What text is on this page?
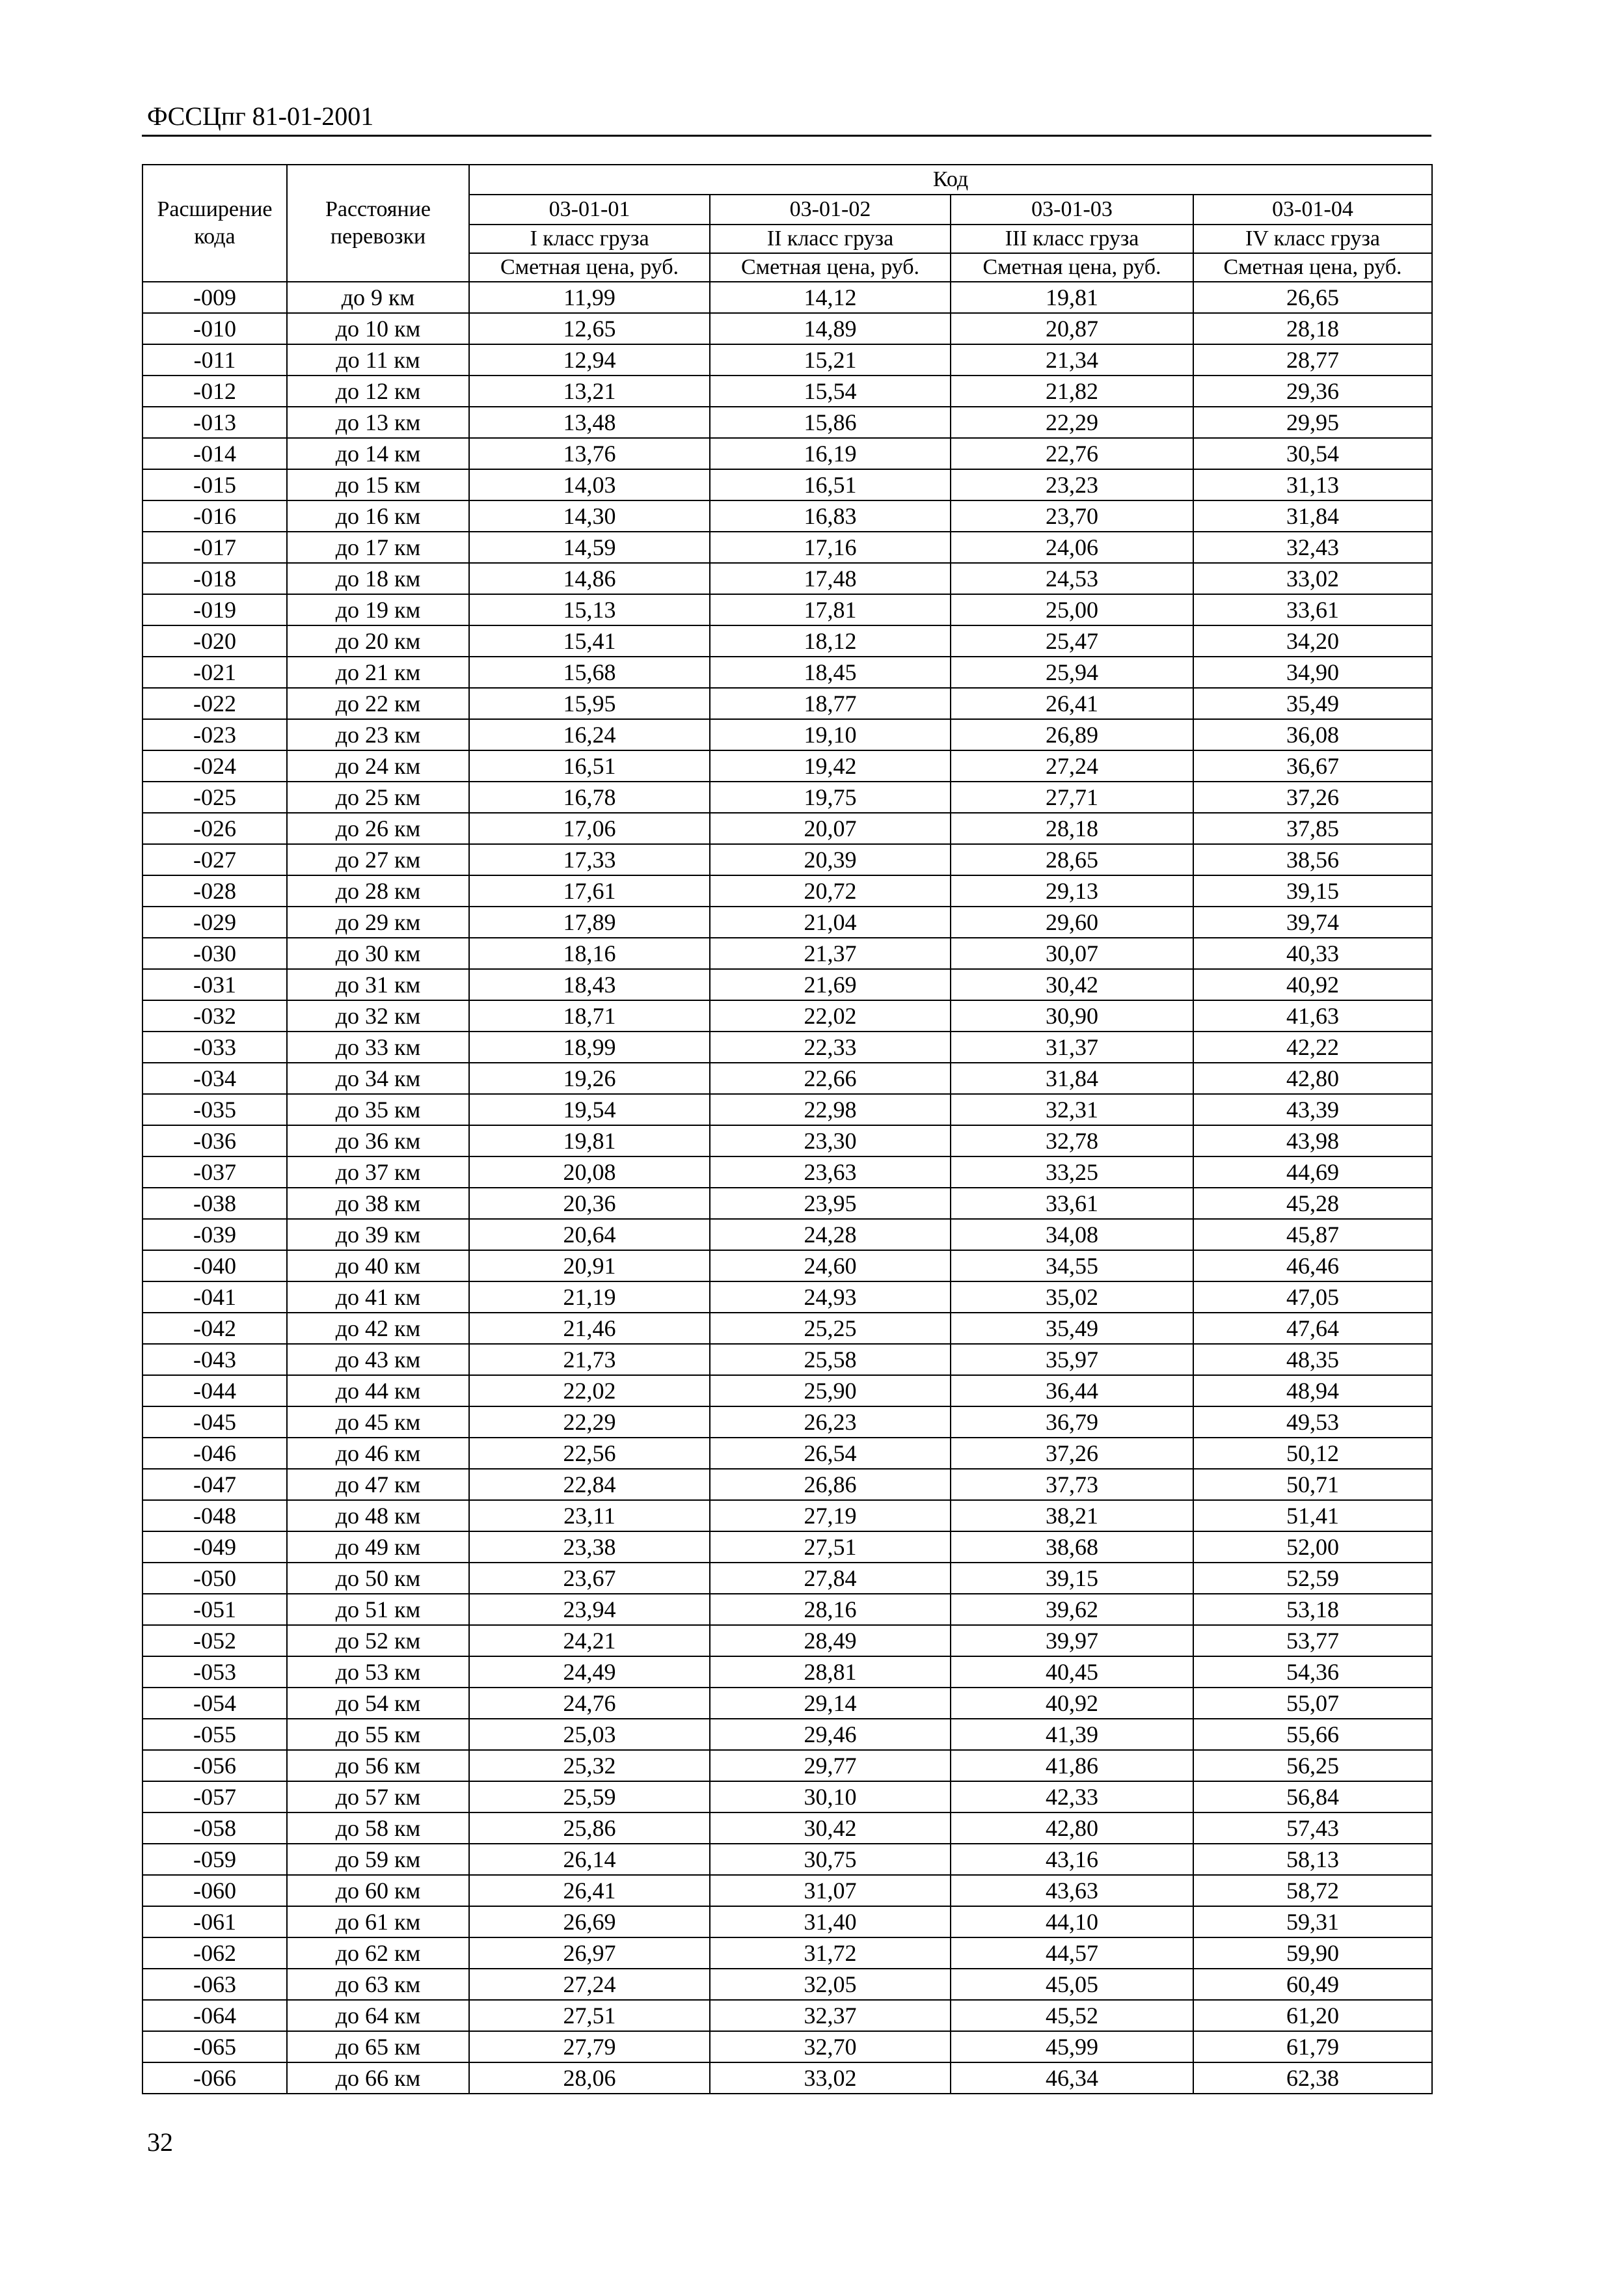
ФССЦпг 81-01-2001
Расширение кода	Расстояние перевозки	Код			
		03-01-01	03-01-02	03-01-03	03-01-04
		I класс груза	II класс груза	III класс груза	IV класс груза
		Сметная цена, руб.	Сметная цена, руб.	Сметная цена, руб.	Сметная цена, руб.
-009	до 9 км	11,99	14,12	19,81	26,65
-010	до 10 км	12,65	14,89	20,87	28,18
-011	до 11 км	12,94	15,21	21,34	28,77
-012	до 12 км	13,21	15,54	21,82	29,36
-013	до 13 км	13,48	15,86	22,29	29,95
-014	до 14 км	13,76	16,19	22,76	30,54
-015	до 15 км	14,03	16,51	23,23	31,13
-016	до 16 км	14,30	16,83	23,70	31,84
-017	до 17 км	14,59	17,16	24,06	32,43
-018	до 18 км	14,86	17,48	24,53	33,02
-019	до 19 км	15,13	17,81	25,00	33,61
-020	до 20 км	15,41	18,12	25,47	34,20
-021	до 21 км	15,68	18,45	25,94	34,90
-022	до 22 км	15,95	18,77	26,41	35,49
-023	до 23 км	16,24	19,10	26,89	36,08
-024	до 24 км	16,51	19,42	27,24	36,67
-025	до 25 км	16,78	19,75	27,71	37,26
-026	до 26 км	17,06	20,07	28,18	37,85
-027	до 27 км	17,33	20,39	28,65	38,56
-028	до 28 км	17,61	20,72	29,13	39,15
-029	до 29 км	17,89	21,04	29,60	39,74
-030	до 30 км	18,16	21,37	30,07	40,33
-031	до 31 км	18,43	21,69	30,42	40,92
-032	до 32 км	18,71	22,02	30,90	41,63
-033	до 33 км	18,99	22,33	31,37	42,22
-034	до 34 км	19,26	22,66	31,84	42,80
-035	до 35 км	19,54	22,98	32,31	43,39
-036	до 36 км	19,81	23,30	32,78	43,98
-037	до 37 км	20,08	23,63	33,25	44,69
-038	до 38 км	20,36	23,95	33,61	45,28
-039	до 39 км	20,64	24,28	34,08	45,87
-040	до 40 км	20,91	24,60	34,55	46,46
-041	до 41 км	21,19	24,93	35,02	47,05
-042	до 42 км	21,46	25,25	35,49	47,64
-043	до 43 км	21,73	25,58	35,97	48,35
-044	до 44 км	22,02	25,90	36,44	48,94
-045	до 45 км	22,29	26,23	36,79	49,53
-046	до 46 км	22,56	26,54	37,26	50,12
-047	до 47 км	22,84	26,86	37,73	50,71
-048	до 48 км	23,11	27,19	38,21	51,41
-049	до 49 км	23,38	27,51	38,68	52,00
-050	до 50 км	23,67	27,84	39,15	52,59
-051	до 51 км	23,94	28,16	39,62	53,18
-052	до 52 км	24,21	28,49	39,97	53,77
-053	до 53 км	24,49	28,81	40,45	54,36
-054	до 54 км	24,76	29,14	40,92	55,07
-055	до 55 км	25,03	29,46	41,39	55,66
-056	до 56 км	25,32	29,77	41,86	56,25
-057	до 57 км	25,59	30,10	42,33	56,84
-058	до 58 км	25,86	30,42	42,80	57,43
-059	до 59 км	26,14	30,75	43,16	58,13
-060	до 60 км	26,41	31,07	43,63	58,72
-061	до 61 км	26,69	31,40	44,10	59,31
-062	до 62 км	26,97	31,72	44,57	59,90
-063	до 63 км	27,24	32,05	45,05	60,49
-064	до 64 км	27,51	32,37	45,52	61,20
-065	до 65 км	27,79	32,70	45,99	61,79
-066	до 66 км	28,06	33,02	46,34	62,38
32
